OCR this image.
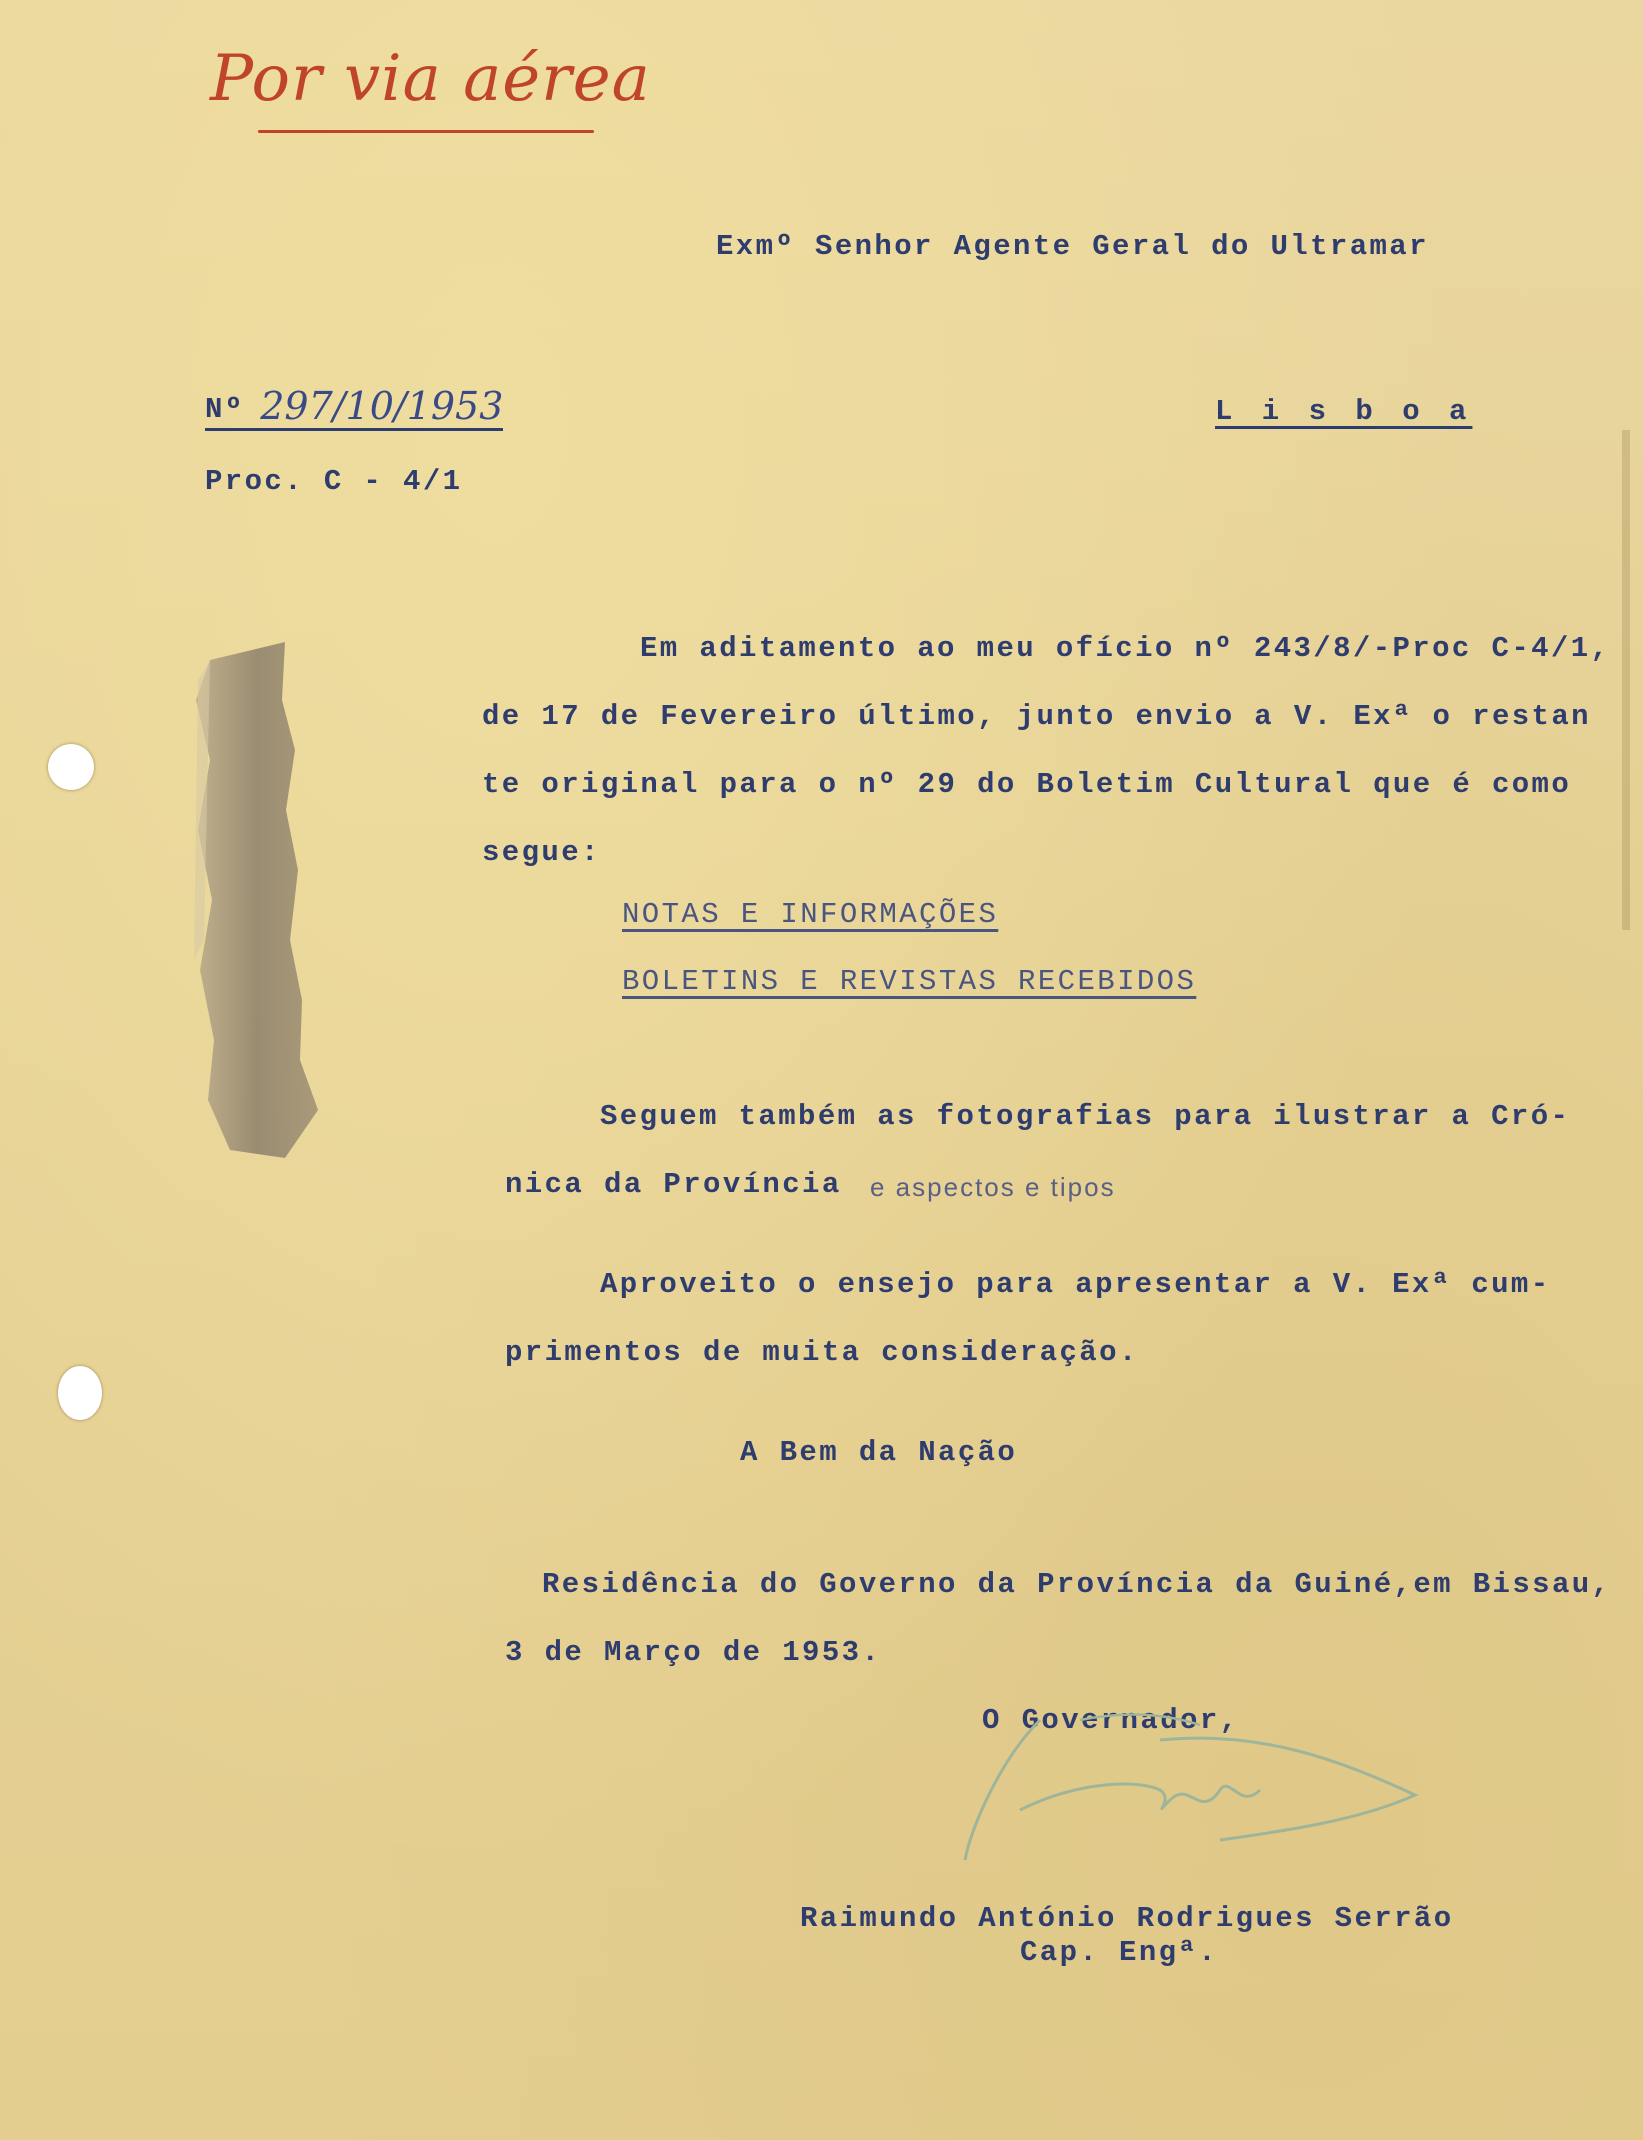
Por via aérea
Exmº Senhor Agente Geral do Ultramar
Nº 297/10/1953	L i s b o a
Proc. C - 4/1
Em aditamento ao meu ofício nº 243/8/-Proc C-4/1,
de 17 de Fevereiro último, junto envio a V. Exª o restan
te original para o nº 29 do Boletim Cultural que é como
segue:
NOTAS E INFORMAÇÕES
BOLETINS E REVISTAS RECEBIDOS
Seguem também as fotografias para ilustrar a Cró-
nica da Província e aspectos e tipos
Aproveito o ensejo para apresentar a V. Exª cum-
primentos de muita consideração.
A Bem da Nação
Residência do Governo da Província da Guiné,em Bissau,
3 de Março de 1953.
O Governador,
Raimundo António Rodrigues Serrão
Cap. Engª.
